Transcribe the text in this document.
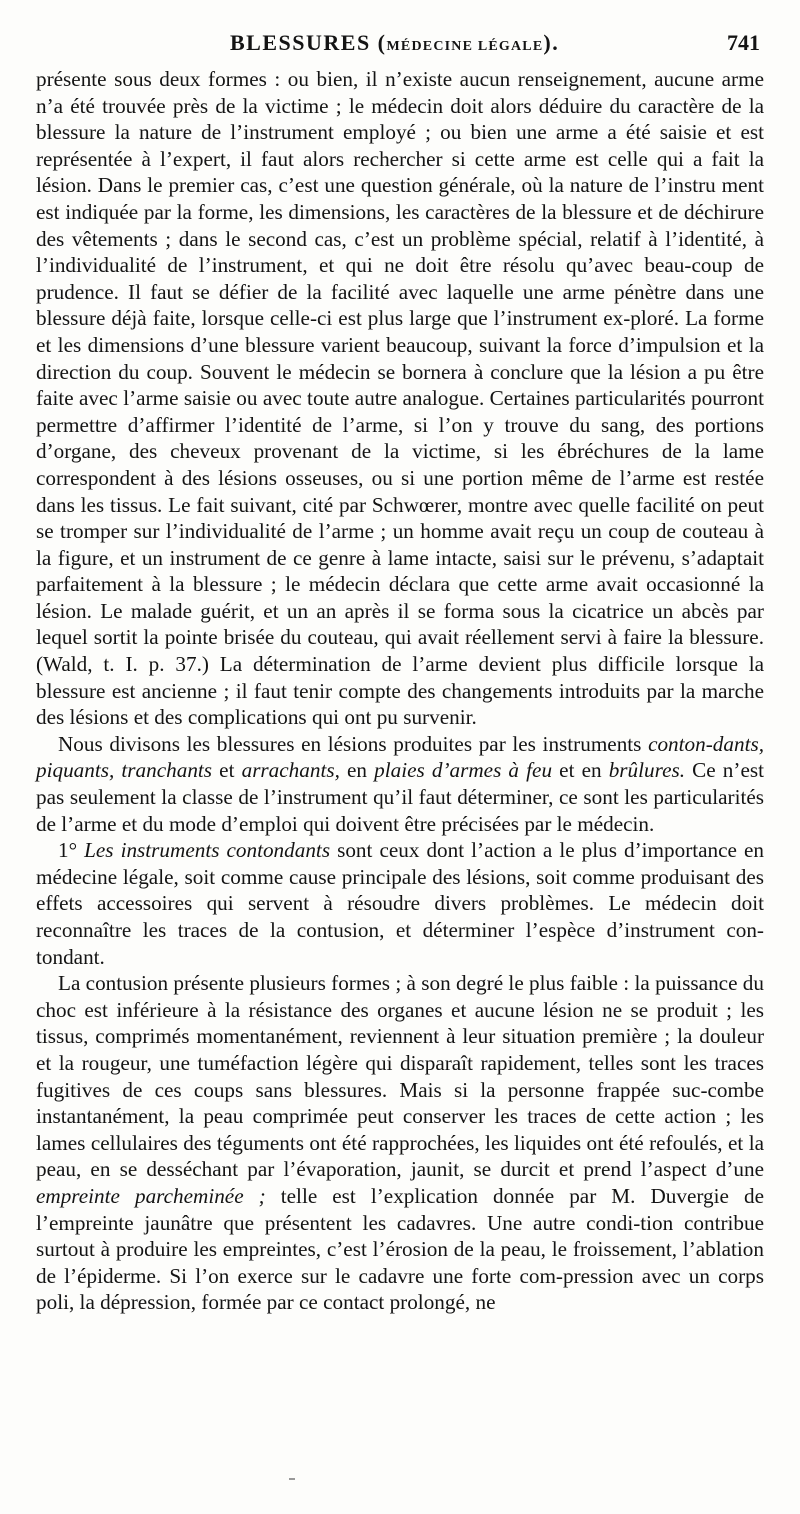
BLESSURES (MÉDECINE LÉGALE).	741

présente sous deux formes : ou bien, il n’existe aucun renseignement, aucune arme n’a été trouvée près de la victime ; le médecin doit alors déduire du caractère de la blessure la nature de l’instrument employé ; ou bien une arme a été saisie et est représentée à l’expert, il faut alors rechercher si cette arme est celle qui a fait la lésion. Dans le premier cas, c’est une question générale, où la nature de l’instru ment est indiquée par la forme, les dimensions, les caractères de la blessure et de déchirure des vêtements ; dans le second cas, c’est un problème spécial, relatif à l’identité, à l’individualité de l’instrument, et qui ne doit être résolu qu’avec beau-coup de prudence. Il faut se défier de la facilité avec laquelle une arme pénètre dans une blessure déjà faite, lorsque celle-ci est plus large que l’instrument ex-ploré. La forme et les dimensions d’une blessure varient beaucoup, suivant la force d’impulsion et la direction du coup. Souvent le médecin se bornera à conclure que la lésion a pu être faite avec l’arme saisie ou avec toute autre analogue. Certaines particularités pourront permettre d’affirmer l’identité de l’arme, si l’on y trouve du sang, des portions d’organe, des cheveux provenant de la victime, si les ébréchures de la lame correspondent à des lésions osseuses, ou si une portion même de l’arme est restée dans les tissus. Le fait suivant, cité par Schwœrer, montre avec quelle facilité on peut se tromper sur l’individualité de l’arme ; un homme avait reçu un coup de couteau à la figure, et un instrument de ce genre à lame intacte, saisi sur le prévenu, s’adaptait parfaitement à la blessure ; le médecin déclara que cette arme avait occasionné la lésion. Le malade guérit, et un an après il se forma sous la cicatrice un abcès par lequel sortit la pointe brisée du couteau, qui avait réellement servi à faire la blessure. (Wald, t. I. p. 37.) La détermination de l’arme devient plus difficile lorsque la blessure est ancienne ; il faut tenir compte des changements introduits par la marche des lésions et des complications qui ont pu survenir.

Nous divisons les blessures en lésions produites par les instruments conton-dants, piquants, tranchants et arrachants, en plaies d’armes à feu et en brûlures. Ce n’est pas seulement la classe de l’instrument qu’il faut déterminer, ce sont les particularités de l’arme et du mode d’emploi qui doivent être précisées par le médecin.

1° Les instruments contondants sont ceux dont l’action a le plus d’importance en médecine légale, soit comme cause principale des lésions, soit comme produisant des effets accessoires qui servent à résoudre divers problèmes. Le médecin doit reconnaître les traces de la contusion, et déterminer l’espèce d’instrument con-tondant.

La contusion présente plusieurs formes ; à son degré le plus faible : la puissance du choc est inférieure à la résistance des organes et aucune lésion ne se produit ; les tissus, comprimés momentanément, reviennent à leur situation première ; la douleur et la rougeur, une tuméfaction légère qui disparaît rapidement, telles sont les traces fugitives de ces coups sans blessures. Mais si la personne frappée suc-combe instantanément, la peau comprimée peut conserver les traces de cette action ; les lames cellulaires des téguments ont été rapprochées, les liquides ont été refoulés, et la peau, en se desséchant par l’évaporation, jaunit, se durcit et prend l’aspect d’une empreinte parcheminée ; telle est l’explication donnée par M. Duvergie de l’empreinte jaunâtre que présentent les cadavres. Une autre condi-tion contribue surtout à produire les empreintes, c’est l’érosion de la peau, le froissement, l’ablation de l’épiderme. Si l’on exerce sur le cadavre une forte com-pression avec un corps poli, la dépression, formée par ce contact prolongé, ne
